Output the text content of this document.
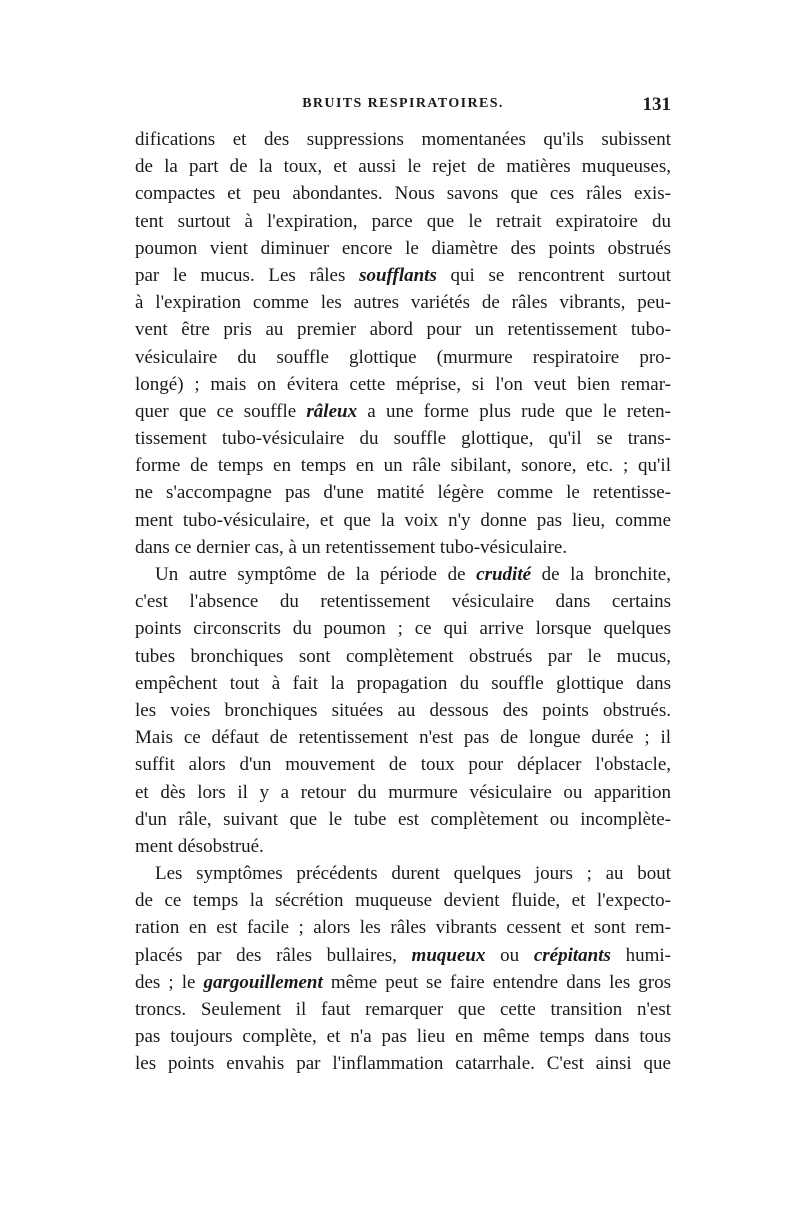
BRUITS RESPIRATOIRES.	131
difications et des suppressions momentanées qu'ils subissent
de la part de la toux, et aussi le rejet de matières muqueuses,
compactes et peu abondantes. Nous savons que ces râles exis-
tent surtout à l'expiration, parce que le retrait expiratoire du
poumon vient diminuer encore le diamètre des points obstrués
par le mucus. Les râles soufflants qui se rencontrent surtout
à l'expiration comme les autres variétés de râles vibrants, peu-
vent être pris au premier abord pour un retentissement tubo-
vésiculaire du souffle glottique (murmure respiratoire pro-
longé) ; mais on évitera cette méprise, si l'on veut bien remar-
quer que ce souffle râleux a une forme plus rude que le reten-
tissement tubo-vésiculaire du souffle glottique, qu'il se trans-
forme de temps en temps en un râle sibilant, sonore, etc. ; qu'il
ne s'accompagne pas d'une matité légère comme le retentisse-
ment tubo-vésiculaire, et que la voix n'y donne pas lieu, comme
dans ce dernier cas, à un retentissement tubo-vésiculaire.
Un autre symptôme de la période de crudité de la bronchite,
c'est l'absence du retentissement vésiculaire dans certains
points circonscrits du poumon ; ce qui arrive lorsque quelques
tubes bronchiques sont complètement obstrués par le mucus,
empêchent tout à fait la propagation du souffle glottique dans
les voies bronchiques situées au dessous des points obstrués.
Mais ce défaut de retentissement n'est pas de longue durée ; il
suffit alors d'un mouvement de toux pour déplacer l'obstacle,
et dès lors il y a retour du murmure vésiculaire ou apparition
d'un râle, suivant que le tube est complètement ou incomplète-
ment désobstrué.
Les symptômes précédents durent quelques jours ; au bout
de ce temps la sécrétion muqueuse devient fluide, et l'expecto-
ration en est facile ; alors les râles vibrants cessent et sont rem-
placés par des râles bullaires, muqueux ou crépitants humi-
des ; le gargouillement même peut se faire entendre dans les gros
troncs. Seulement il faut remarquer que cette transition n'est
pas toujours complète, et n'a pas lieu en même temps dans tous
les points envahis par l'inflammation catarrhale. C'est ainsi que
